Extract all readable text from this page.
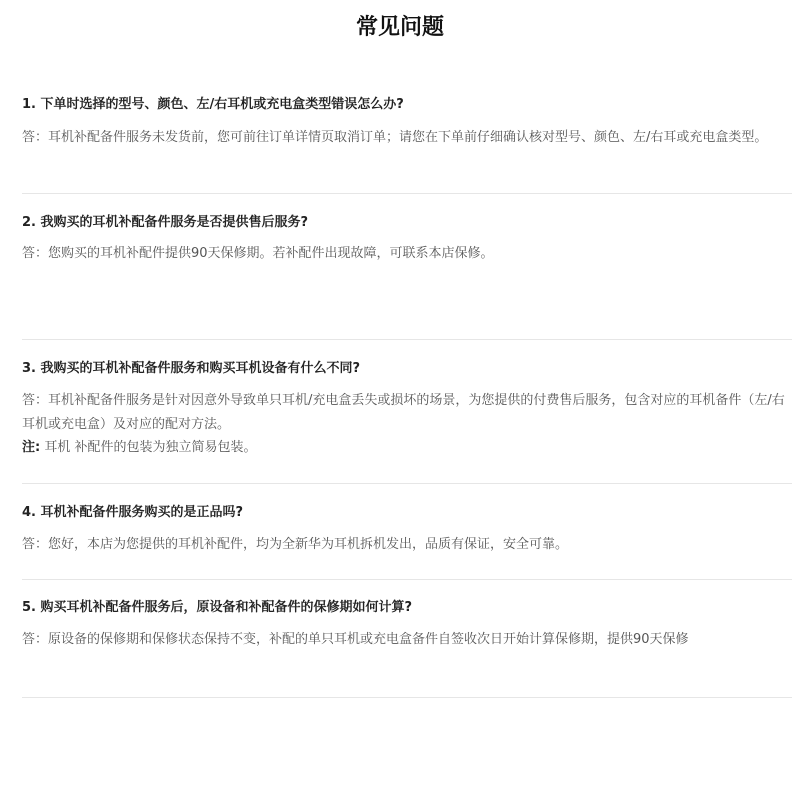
常见问题

1. 下单时选择的型号、颜色、左/右耳机或充电盒类型错误怎么办?

答：耳机补配备件服务未发货前，您可前往订单详情页取消订单；请您在下单前仔细确认核对型号、颜色、左/右耳或充电盒类型。

2. 我购买的耳机补配备件服务是否提供售后服务?

答：您购买的耳机补配件提供90天保修期。若补配件出现故障，可联系本店保修。

3. 我购买的耳机补配备件服务和购买耳机设备有什么不同?

答：耳机补配备件服务是针对因意外导致单只耳机/充电盒丢失或损坏的场景，为您提供的付费售后服务，包含对应的耳机备件（左/右耳机或充电盒）及对应的配对方法。

注: 耳机 补配件的包装为独立简易包装。

4. 耳机补配备件服务购买的是正品吗?

答：您好，本店为您提供的耳机补配件，均为全新华为耳机拆机发出，品质有保证，安全可靠。

5. 购买耳机补配备件服务后，原设备和补配备件的保修期如何计算?

答：原设备的保修期和保修状态保持不变，补配的单只耳机或充电盒备件自签收次日开始计算保修期，提供90天保修
